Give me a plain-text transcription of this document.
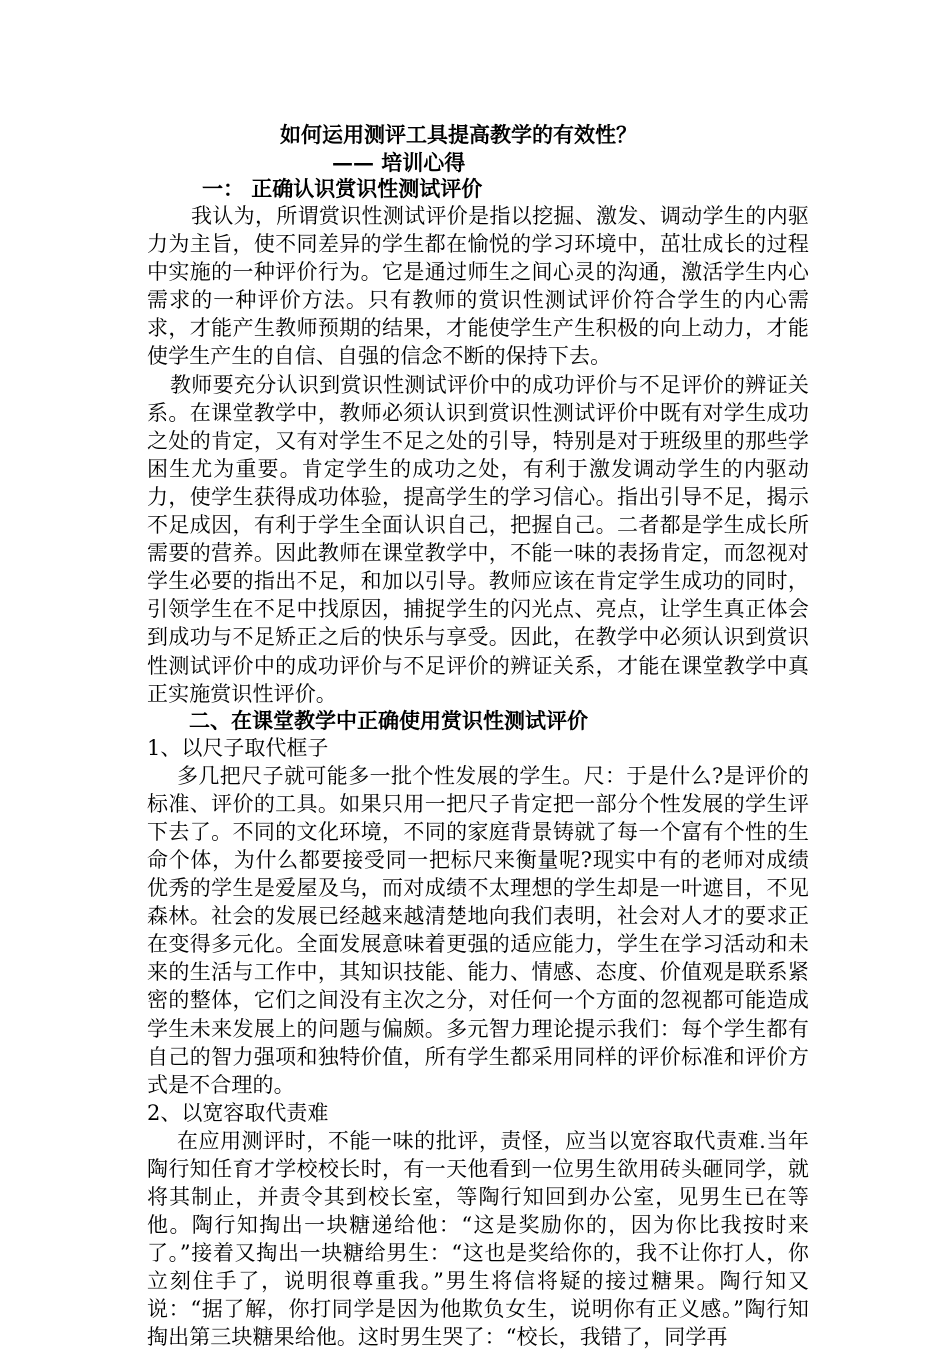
如何运用测评工具提高教学的有效性？
—— 培训心得
一： 正确认识赏识性测试评价
我认为，所谓赏识性测试评价是指以挖掘、激发、调动学生的内驱力为主旨，使不同差异的学生都在愉悦的学习环境中，茁壮成长的过程中实施的一种评价行为。它是通过师生之间心灵的沟通，激活学生内心需求的一种评价方法。只有教师的赏识性测试评价符合学生的内心需求，才能产生教师预期的结果，才能使学生产生积极的向上动力，才能使学生产生的自信、自强的信念不断的保持下去。
教师要充分认识到赏识性测试评价中的成功评价与不足评价的辨证关系。在课堂教学中，教师必须认识到赏识性测试评价中既有对学生成功之处的肯定，又有对学生不足之处的引导，特别是对于班级里的那些学困生尤为重要。肯定学生的成功之处，有利于激发调动学生的内驱动力，使学生获得成功体验，提高学生的学习信心。指出引导不足，揭示不足成因，有利于学生全面认识自己，把握自己。二者都是学生成长所需要的营养。因此教师在课堂教学中，不能一味的表扬肯定，而忽视对学生必要的指出不足，和加以引导。教师应该在肯定学生成功的同时，引领学生在不足中找原因，捕捉学生的闪光点、亮点，让学生真正体会到成功与不足矫正之后的快乐与享受。因此，在教学中必须认识到赏识性测试评价中的成功评价与不足评价的辨证关系，才能在课堂教学中真正实施赏识性评价。
二、在课堂教学中正确使用赏识性测试评价
1、以尺子取代框子
多几把尺子就可能多一批个性发展的学生。尺：于是什么?是评价的标准、评价的工具。如果只用一把尺子肯定把一部分个性发展的学生评下去了。不同的文化环境，不同的家庭背景铸就了每一个富有个性的生命个体，为什么都要接受同一把标尺来衡量呢?现实中有的老师对成绩优秀的学生是爱屋及乌，而对成绩不太理想的学生却是一叶遮目，不见森林。社会的发展已经越来越清楚地向我们表明，社会对人才的要求正在变得多元化。全面发展意味着更强的适应能力，学生在学习活动和未来的生活与工作中，其知识技能、能力、情感、态度、价值观是联系紧密的整体，它们之间没有主次之分，对任何一个方面的忽视都可能造成学生未来发展上的问题与偏颇。多元智力理论提示我们：每个学生都有自己的智力强项和独特价值，所有学生都采用同样的评价标准和评价方式是不合理的。
2、以宽容取代责难
在应用测评时，不能一味的批评，责怪，应当以宽容取代责难.当年陶行知任育才学校校长时，有一天他看到一位男生欲用砖头砸同学，就将其制止，并责令其到校长室，等陶行知回到办公室，见男生已在等他。陶行知掏出一块糖递给他：“这是奖励你的，因为你比我按时来了。”接着又掏出一块糖给男生：“这也是奖给你的，我不让你打人，你立刻住手了，说明很尊重我。”男生将信将疑的接过糖果。陶行知又说：“据了解，你打同学是因为他欺负女生，说明你有正义感。”陶行知掏出第三块糖果给他。这时男生哭了：“校长，我错了，同学再
